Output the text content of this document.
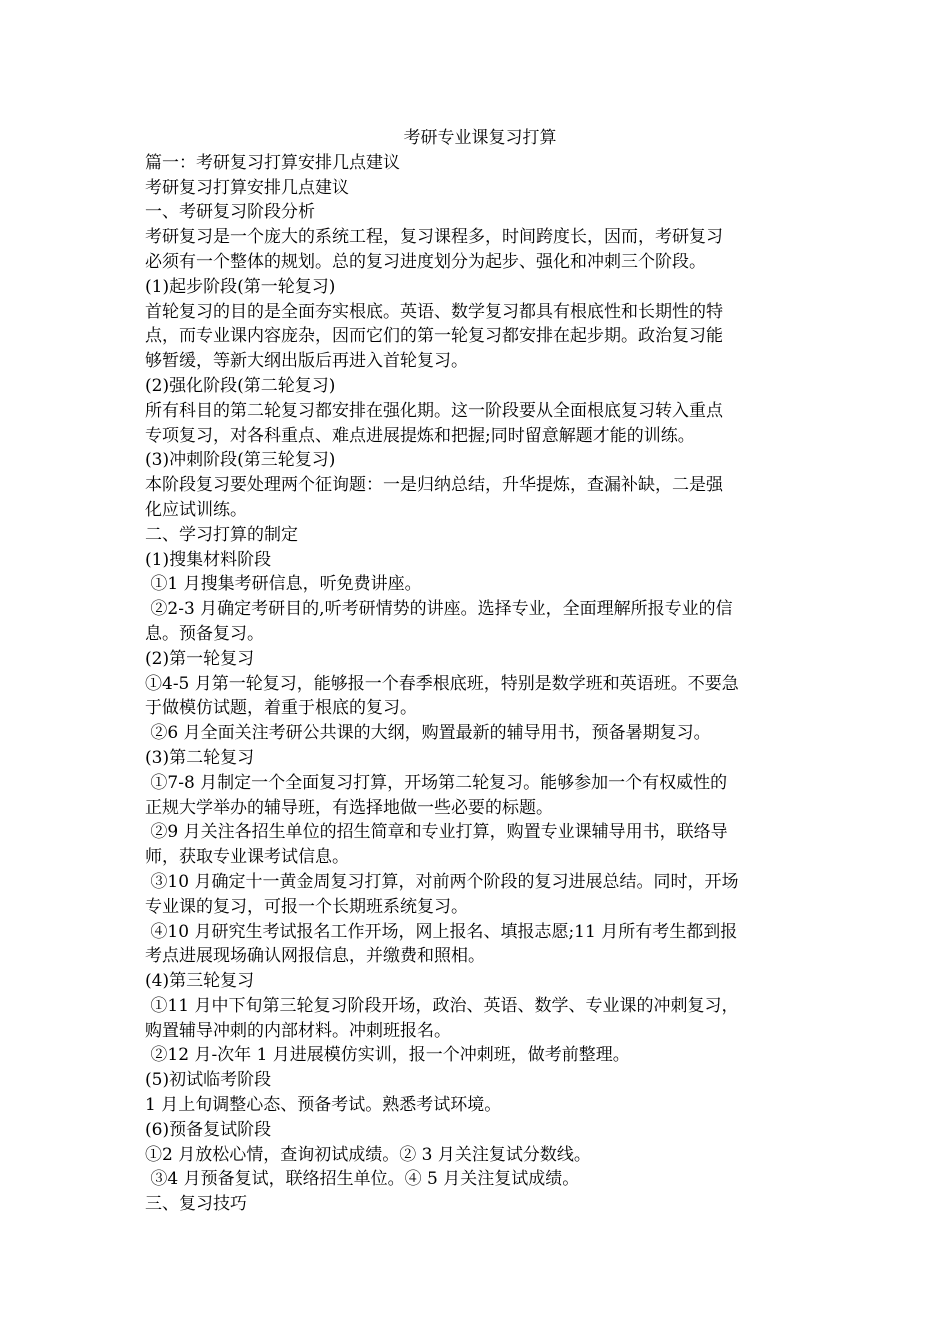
考研专业课复习打算
篇一：考研复习打算安排几点建议
考研复习打算安排几点建议
一、考研复习阶段分析
考研复习是一个庞大的系统工程，复习课程多，时间跨度长，因而，考研复习
必须有一个整体的规划。总的复习进度划分为起步、强化和冲刺三个阶段。
(1)起步阶段(第一轮复习)
首轮复习的目的是全面夯实根底。英语、数学复习都具有根底性和长期性的特
点，而专业课内容庞杂，因而它们的第一轮复习都安排在起步期。政治复习能
够暂缓，等新大纲出版后再进入首轮复习。
(2)强化阶段(第二轮复习)
所有科目的第二轮复习都安排在强化期。这一阶段要从全面根底复习转入重点
专项复习，对各科重点、难点进展提炼和把握;同时留意解题才能的训练。
(3)冲刺阶段(第三轮复习)
本阶段复习要处理两个征询题：一是归纳总结，升华提炼，查漏补缺，二是强
化应试训练。
二、学习打算的制定
(1)搜集材料阶段
①1 月搜集考研信息，听免费讲座。
②2-3 月确定考研目的,听考研情势的讲座。选择专业，全面理解所报专业的信
息。预备复习。
(2)第一轮复习
①4-5 月第一轮复习，能够报一个春季根底班，特别是数学班和英语班。不要急
于做模仿试题，着重于根底的复习。
②6 月全面关注考研公共课的大纲，购置最新的辅导用书，预备暑期复习。
(3)第二轮复习
①7-8 月制定一个全面复习打算，开场第二轮复习。能够参加一个有权威性的
正规大学举办的辅导班，有选择地做一些必要的标题。
②9 月关注各招生单位的招生简章和专业打算，购置专业课辅导用书，联络导
师，获取专业课考试信息。
③10 月确定十一黄金周复习打算，对前两个阶段的复习进展总结。同时，开场
专业课的复习，可报一个长期班系统复习。
④10 月研究生考试报名工作开场，网上报名、填报志愿;11 月所有考生都到报
考点进展现场确认网报信息，并缴费和照相。
(4)第三轮复习
①11 月中下旬第三轮复习阶段开场，政治、英语、数学、专业课的冲刺复习，
购置辅导冲刺的内部材料。冲刺班报名。
②12 月-次年 1 月进展模仿实训，报一个冲刺班，做考前整理。
(5)初试临考阶段
1 月上旬调整心态、预备考试。熟悉考试环境。
(6)预备复试阶段
①2 月放松心情，查询初试成绩。② 3 月关注复试分数线。
③4 月预备复试，联络招生单位。④ 5 月关注复试成绩。
三、复习技巧
